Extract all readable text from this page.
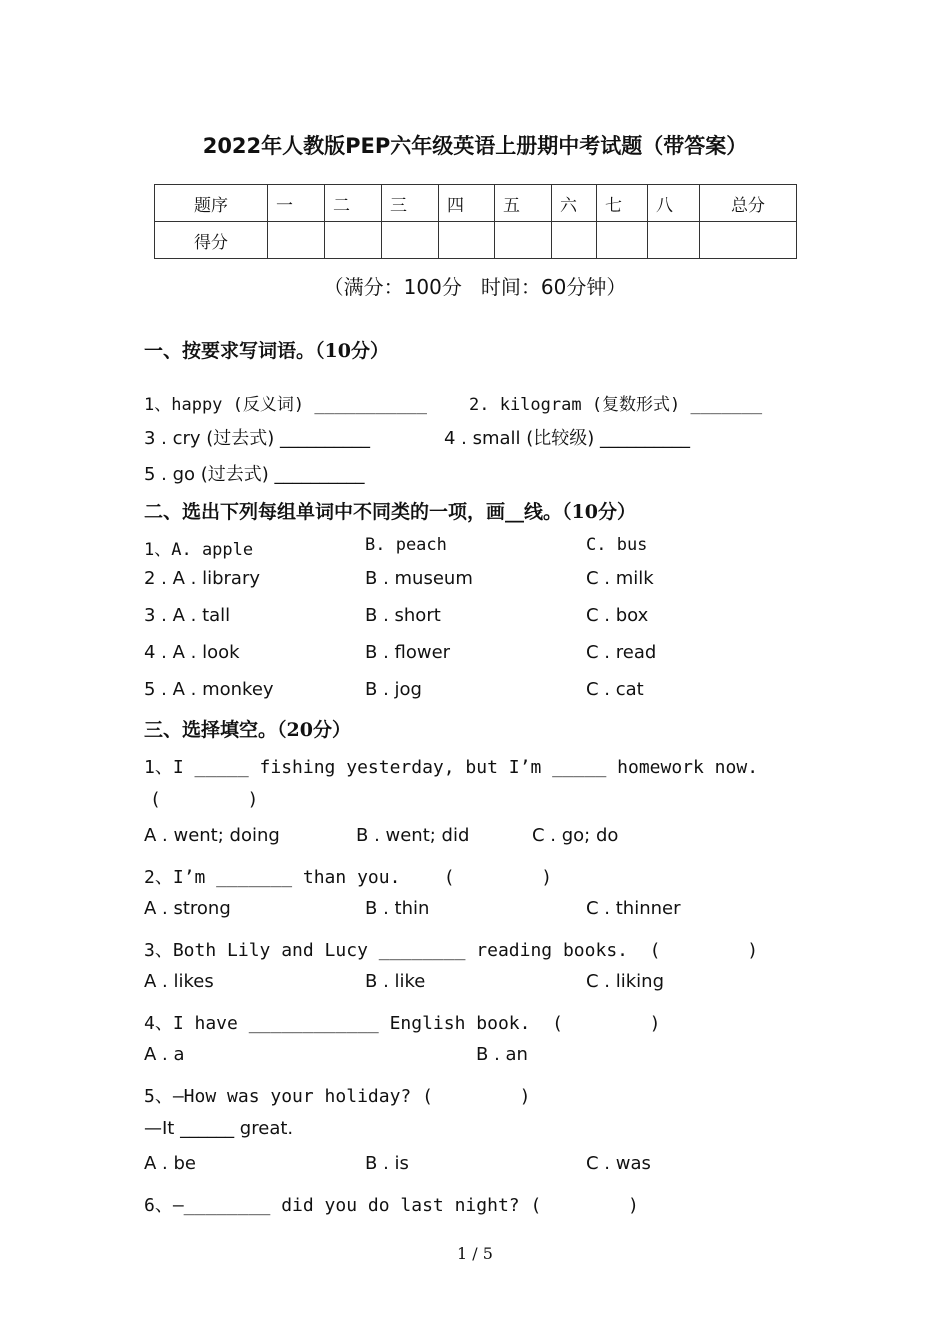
2022年人教版PEP六年级英语上册期中考试题（带答案）
题序	一	二	三	四	五	六	七	八	总分
得分									
（满分：100分   时间：60分钟）
一、按要求写词语。（10分）
1、happy (反义词) ___________ 2. kilogram (复数形式) _______
3 . cry (过去式) __________	4 . small (比较级) __________
5 . go (过去式) __________
二、选出下列每组单词中不同类的一项，画__线。（10分）
1、A. apple	B. peach	C. bus
2 . A . library	B . museum	C . milk
3 . A . tall	B . short	C . box
4 . A . look	B . flower	C . read
5 . A . monkey	B . jog	C . cat
三、选择填空。（20分）
1、I _____ fishing yesterday, but I’m _____ homework now.
(        )
A . went; doing	B . went; did	C . go; do
2、I’m _______ than you.    (        )
A . strong	B . thin	C . thinner
3、Both Lily and Lucy ________ reading books.  (        )
A . likes	B . like	C . liking
4、I have ____________ English book.  (        )
A . a	B . an
5、—How was your holiday? (        )
—It ______ great.
A . be	B . is	C . was
6、—________ did you do last night? (        )
1 / 5
